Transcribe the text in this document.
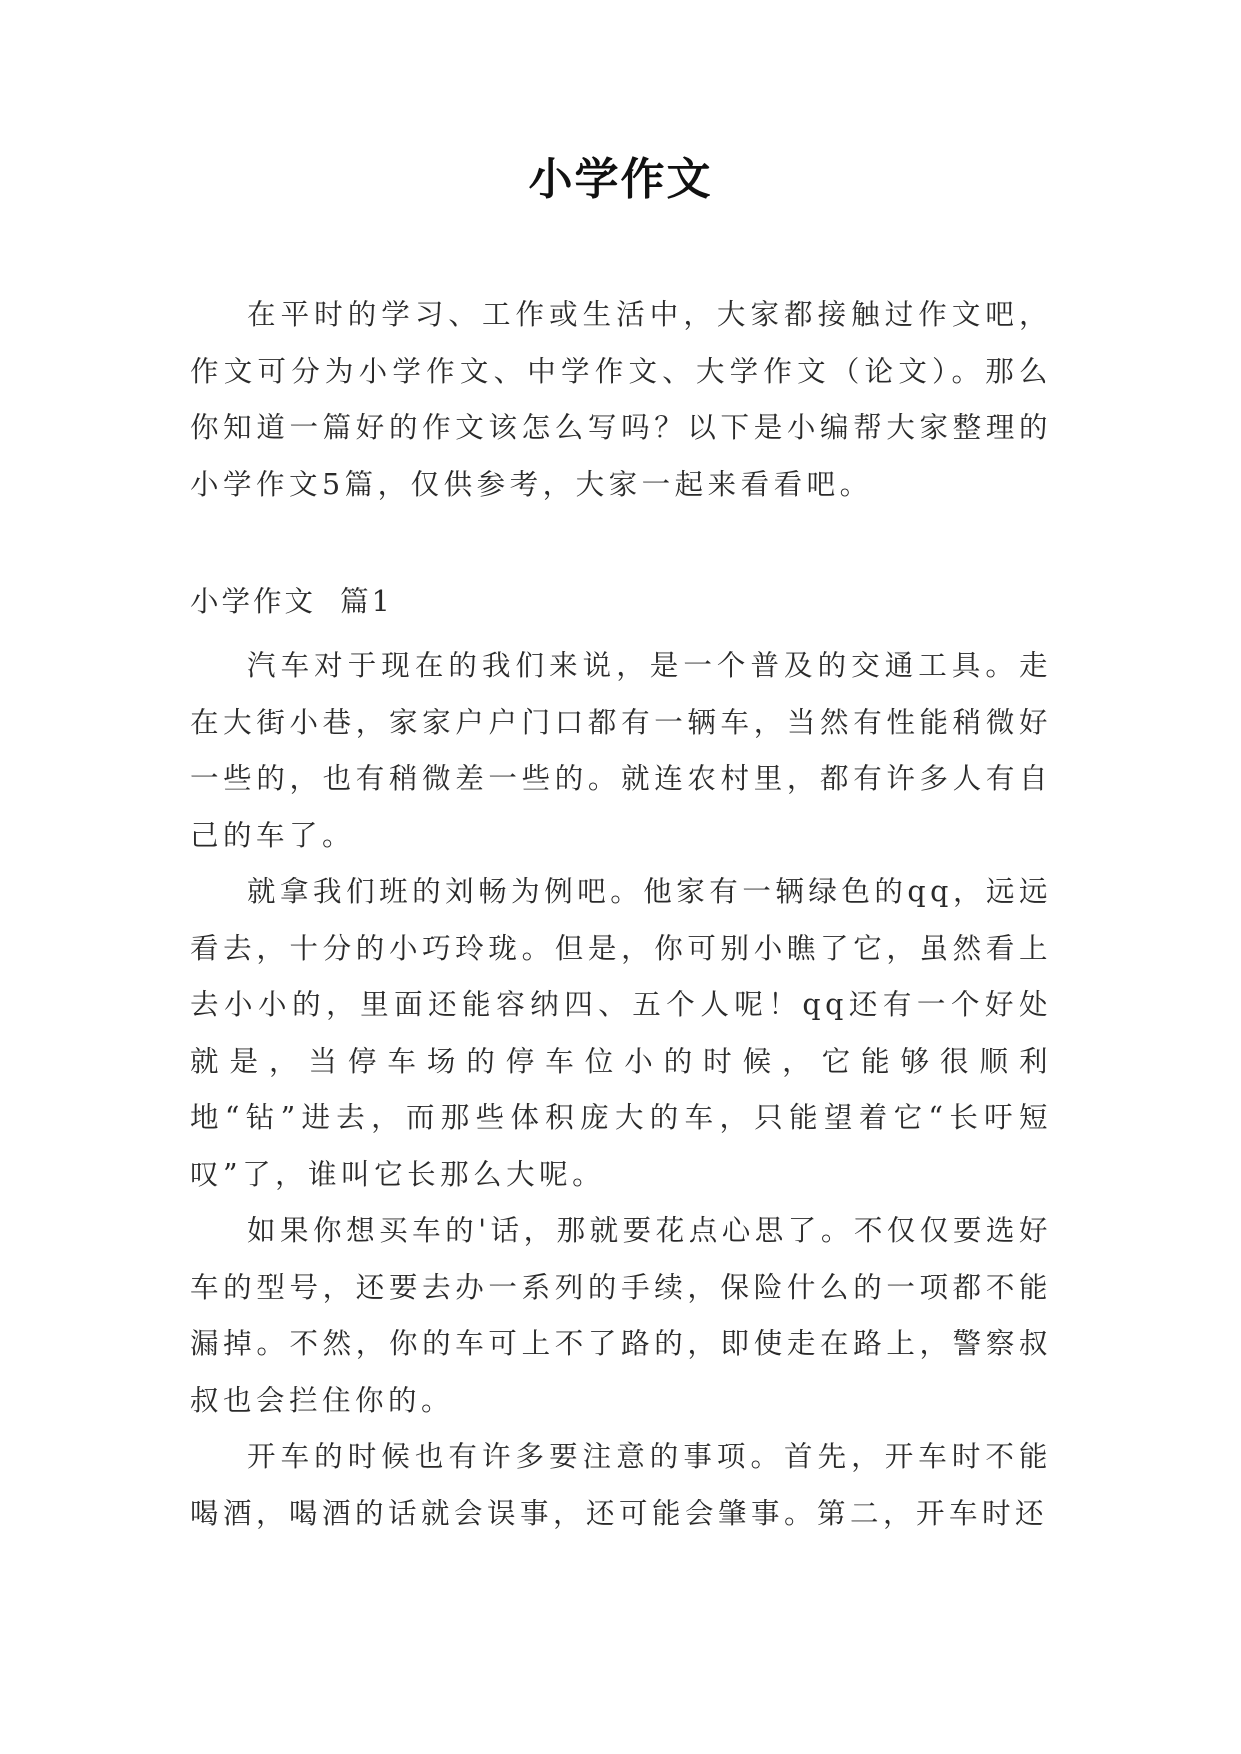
小学作文

在平时的学习、工作或生活中，大家都接触过作文吧，作文可分为小学作文、中学作文、大学作文（论文）。那么你知道一篇好的作文该怎么写吗？以下是小编帮大家整理的小学作文5篇，仅供参考，大家一起来看看吧。

小学作文  篇1

汽车对于现在的我们来说，是一个普及的交通工具。走在大街小巷，家家户户门口都有一辆车，当然有性能稍微好一些的，也有稍微差一些的。就连农村里，都有许多人有自己的车了。

就拿我们班的刘畅为例吧。他家有一辆绿色的qq，远远看去，十分的小巧玲珑。但是，你可别小瞧了它，虽然看上去小小的，里面还能容纳四、五个人呢！qq还有一个好处就是，当停车场的停车位小的时候，它能够很顺利地“钻”进去，而那些体积庞大的车，只能望着它“长吁短叹”了，谁叫它长那么大呢。

如果你想买车的'话，那就要花点心思了。不仅仅要选好车的型号，还要去办一系列的手续，保险什么的一项都不能漏掉。不然，你的车可上不了路的，即使走在路上，警察叔叔也会拦住你的。

开车的时候也有许多要注意的事项。首先，开车时不能喝酒，喝酒的话就会误事，还可能会肇事。第二，开车时还
